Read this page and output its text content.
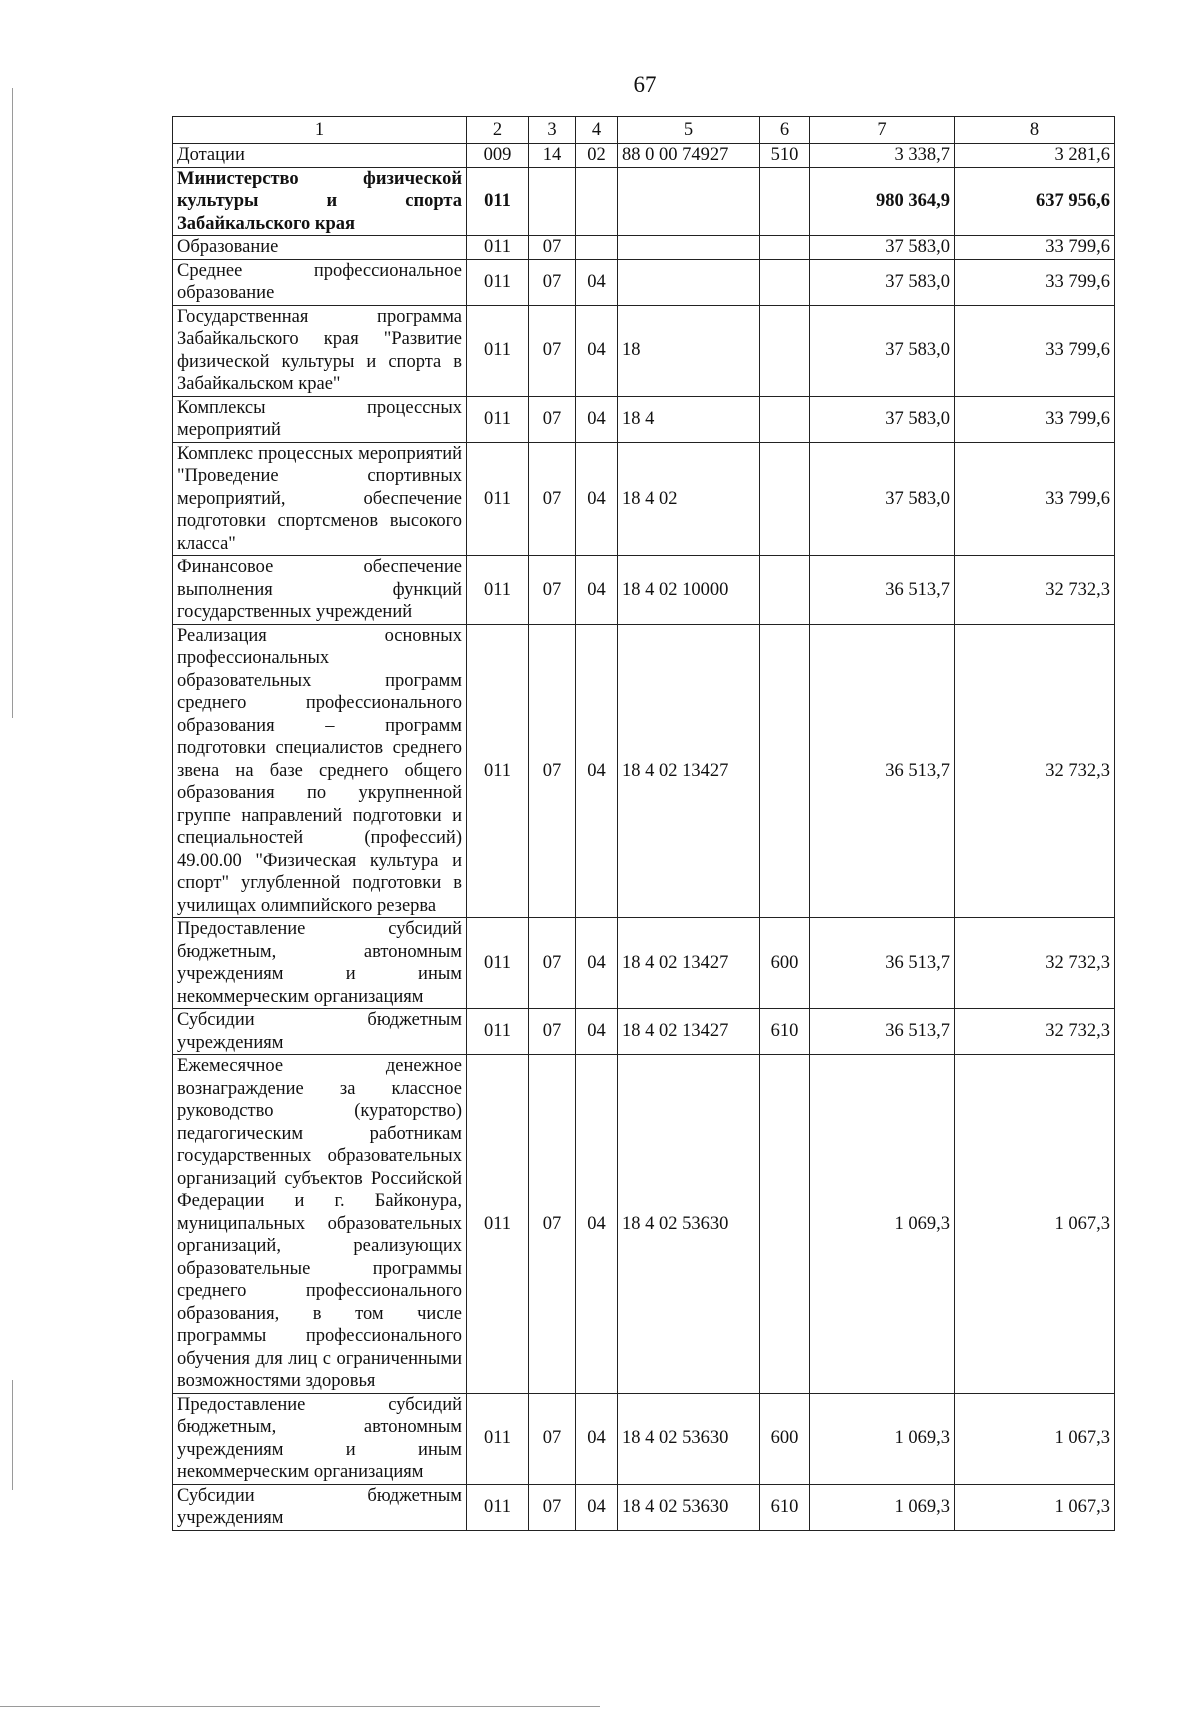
67
1	2	3	4	5	6	7	8
Дотации	009	14	02	88 0 00 74927	510	3 338,7	3 281,6
Министерство физической культуры и спорта Забайкальского края	011					980 364,9	637 956,6
Образование	011	07				37 583,0	33 799,6
Среднее профессиональное образование	011	07	04			37 583,0	33 799,6
Государственная программа Забайкальского края "Развитие физической культуры и спорта в Забайкальском крае"	011	07	04	18		37 583,0	33 799,6
Комплексы процессных мероприятий	011	07	04	18 4		37 583,0	33 799,6
Комплекс процессных мероприятий "Проведение спортивных мероприятий, обеспечение подготовки спортсменов высокого класса"	011	07	04	18 4 02		37 583,0	33 799,6
Финансовое обеспечение выполнения функций государственных учреждений	011	07	04	18 4 02 10000		36 513,7	32 732,3
Реализация основных профессиональных образовательных программ среднего профессионального образования – программ подготовки специалистов среднего звена на базе среднего общего образования по укрупненной группе направлений подготовки и специальностей (профессий) 49.00.00 "Физическая культура и спорт" углубленной подготовки в училищах олимпийского резерва	011	07	04	18 4 02 13427		36 513,7	32 732,3
Предоставление субсидий бюджетным, автономным учреждениям и иным некоммерческим организациям	011	07	04	18 4 02 13427	600	36 513,7	32 732,3
Субсидии бюджетным учреждениям	011	07	04	18 4 02 13427	610	36 513,7	32 732,3
Ежемесячное денежное вознаграждение за классное руководство (кураторство) педагогическим работникам государственных образовательных организаций субъектов Российской Федерации и г. Байконура, муниципальных образовательных организаций, реализующих образовательные программы среднего профессионального образования, в том числе программы профессионального обучения для лиц с ограниченными возможностями здоровья	011	07	04	18 4 02 53630		1 069,3	1 067,3
Предоставление субсидий бюджетным, автономным учреждениям и иным некоммерческим организациям	011	07	04	18 4 02 53630	600	1 069,3	1 067,3
Субсидии бюджетным учреждениям	011	07	04	18 4 02 53630	610	1 069,3	1 067,3
